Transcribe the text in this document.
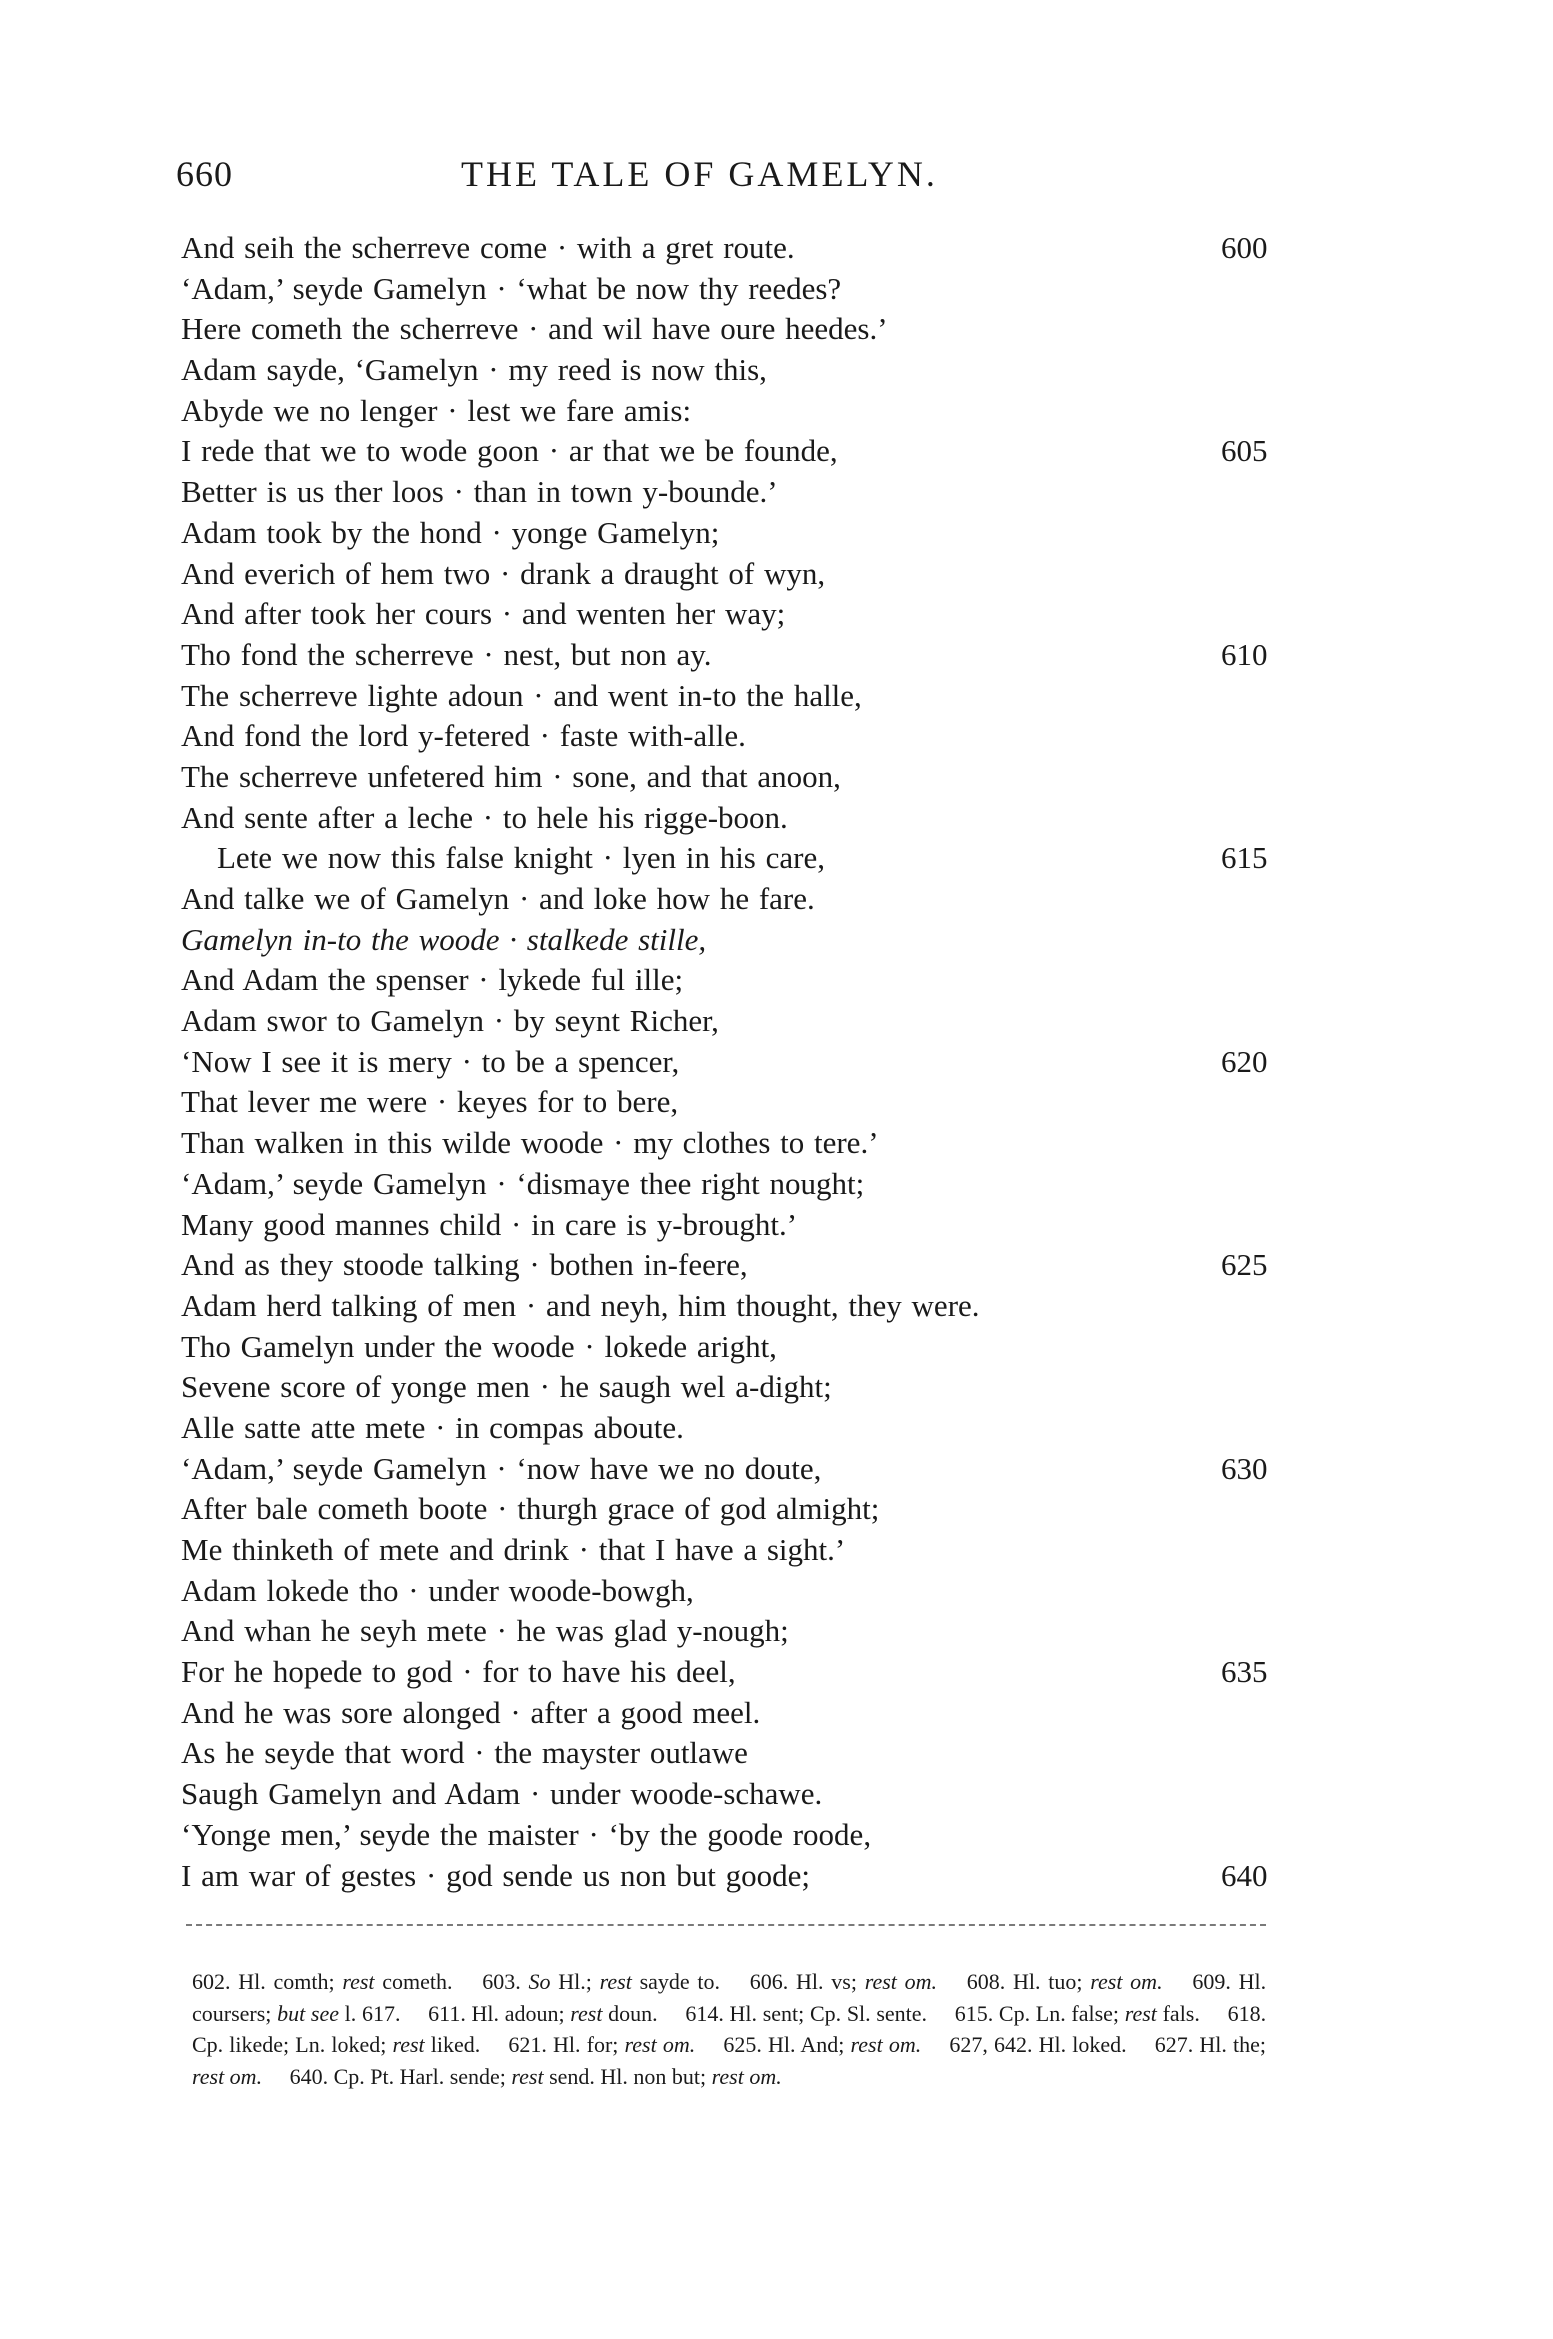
660	THE TALE OF GAMELYN.
And seih the scherreve come · with a gret route.	600
‘Adam,’ seyde Gamelyn · ‘what be now thy reedes?
Here cometh the scherreve · and wil have oure heedes.’
Adam sayde, ‘Gamelyn · my reed is now this,
Abyde we no lenger · lest we fare amis:
I rede that we to wode goon · ar that we be founde,	605
Better is us ther loos · than in town y-bounde.’
Adam took by the hond · yonge Gamelyn;
And everich of hem two · drank a draught of wyn,
And after took her cours · and wenten her way;
Tho fond the scherreve · nest, but non ay.	610
The scherreve lighte adoun · and went in-to the halle,
And fond the lord y-fetered · faste with-alle.
The scherreve unfetered him · sone, and that anoon,
And sente after a leche · to hele his rigge-boon.
Lete we now this false knight · lyen in his care,	615
And talke we of Gamelyn · and loke how he fare.
Gamelyn in-to the woode · stalkede stille,
And Adam the spenser · lykede ful ille;
Adam swor to Gamelyn · by seynt Richer,
‘Now I see it is mery · to be a spencer,	620
That lever me were · keyes for to bere,
Than walken in this wilde woode · my clothes to tere.’
‘Adam,’ seyde Gamelyn · ‘dismaye thee right nought;
Many good mannes child · in care is y-brought.’
And as they stoode talking · bothen in-feere,	625
Adam herd talking of men · and neyh, him thought, they were.
Tho Gamelyn under the woode · lokede aright,
Sevene score of yonge men · he saugh wel a-dight;
Alle satte atte mete · in compas aboute.
‘Adam,’ seyde Gamelyn · ‘now have we no doute,	630
After bale cometh boote · thurgh grace of god almight;
Me thinketh of mete and drink · that I have a sight.’
Adam lokede tho · under woode-bowgh,
And whan he seyh mete · he was glad y-nough;
For he hopede to god · for to have his deel,	635
And he was sore alonged · after a good meel.
As he seyde that word · the mayster outlawe
Saugh Gamelyn and Adam · under woode-schawe.
‘Yonge men,’ seyde the maister · ‘by the goode roode,
I am war of gestes · god sende us non but goode;	640
602. Hl. comth; rest cometh.  603. So Hl.; rest sayde to.  606. Hl. vs; rest om.  608. Hl. tuo; rest om.  609. Hl. coursers; but see l. 617.  611. Hl. adoun; rest doun.  614. Hl. sent; Cp. Sl. sente.  615. Cp. Ln. false; rest fals.  618. Cp. likede; Ln. loked; rest liked.  621. Hl. for; rest om.  625. Hl. And; rest om.  627, 642. Hl. loked.  627. Hl. the; rest om.  640. Cp. Pt. Harl. sende; rest send. Hl. non but; rest om. 
